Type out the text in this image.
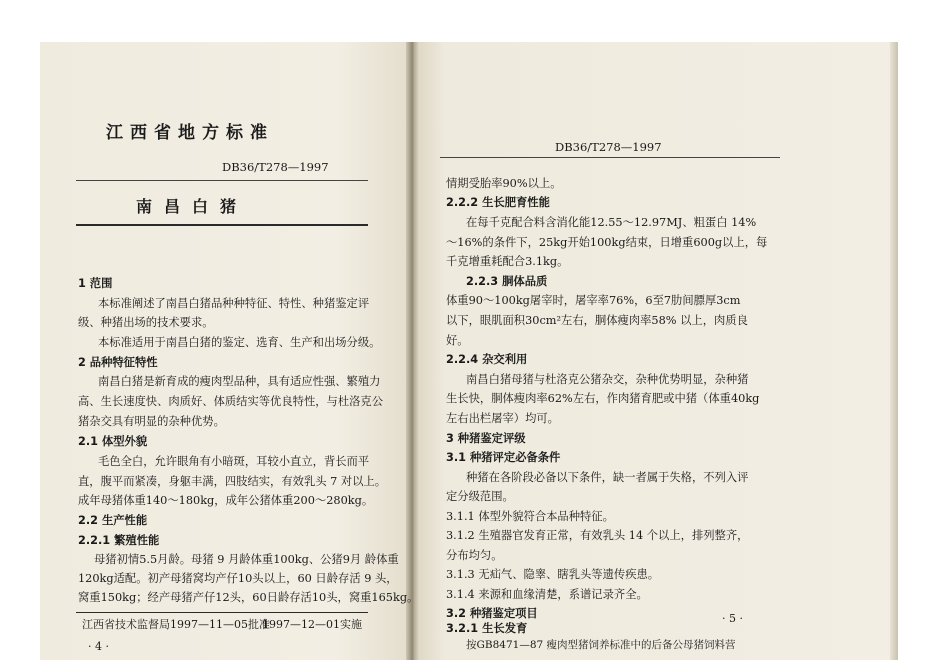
江西省地方标准
DB36/T278—1997
南昌白猪
1 范围
本标准阐述了南昌白猪品种种特征、特性、种猪鉴定评
级、种猪出场的技术要求。
本标准适用于南昌白猪的鉴定、选育、生产和出场分级。
2 品种特征特性
南昌白猪是新育成的瘦肉型品种，具有适应性强、繁殖力
高、生长速度快、肉质好、体质结实等优良特性，与杜洛克公
猪杂交具有明显的杂种优势。
2.1 体型外貌
毛色全白，允许眼角有小暗斑，耳较小直立，背长而平
直，腹平而紧凑，身躯丰满，四肢结实，有效乳头 7 对以上。
成年母猪体重140～180kg，成年公猪体重200～280kg。
2.2 生产性能
2.2.1 繁殖性能
母猪初情5.5月龄。母猪 9 月龄体重100kg、公猪9月 龄体重
120kg适配。初产母猪窝均产仔10头以上，60 日龄存活 9 头，
窝重150kg；经产母猪产仔12头，60日龄存活10头，窝重165kg。
江西省技术监督局1997—11—05批准
1997—12—01实施
· 4 ·
DB36/T278—1997
情期受胎率90%以上。
2.2.2 生长肥育性能
在每千克配合料含消化能12.55～12.97MJ、粗蛋白 14%
～16%的条件下，25kg开始100kg结束，日增重600g以上，每
千克增重耗配合3.1kg。
2.2.3 胴体品质
体重90～100kg屠宰时，屠宰率76%，6至7肋间膘厚3cm
以下，眼肌面积30cm²左右，胴体瘦肉率58% 以上，肉质良
好。
2.2.4 杂交利用
南昌白猪母猪与杜洛克公猪杂交，杂种优势明显，杂种猪
生长快，胴体瘦肉率62%左右，作肉猪育肥或中猪（体重40kg
左右出栏屠宰）均可。
3 种猪鉴定评级
3.1 种猪评定必备条件
种猪在各阶段必备以下条件，缺一者属于失格，不列入评
定分级范围。
3.1.1 体型外貌符合本品种特征。
3.1.2 生殖器官发育正常，有效乳头 14 个以上，排列整齐，
分布均匀。
3.1.3 无疝气、隐睾、瞎乳头等遗传疾患。
3.1.4 来源和血缘清楚，系谱记录齐全。
3.2 种猪鉴定项目
3.2.1 生长发育
按GB8471—87 瘦肉型猪饲养标准中的后备公母猪饲料营
· 5 ·
